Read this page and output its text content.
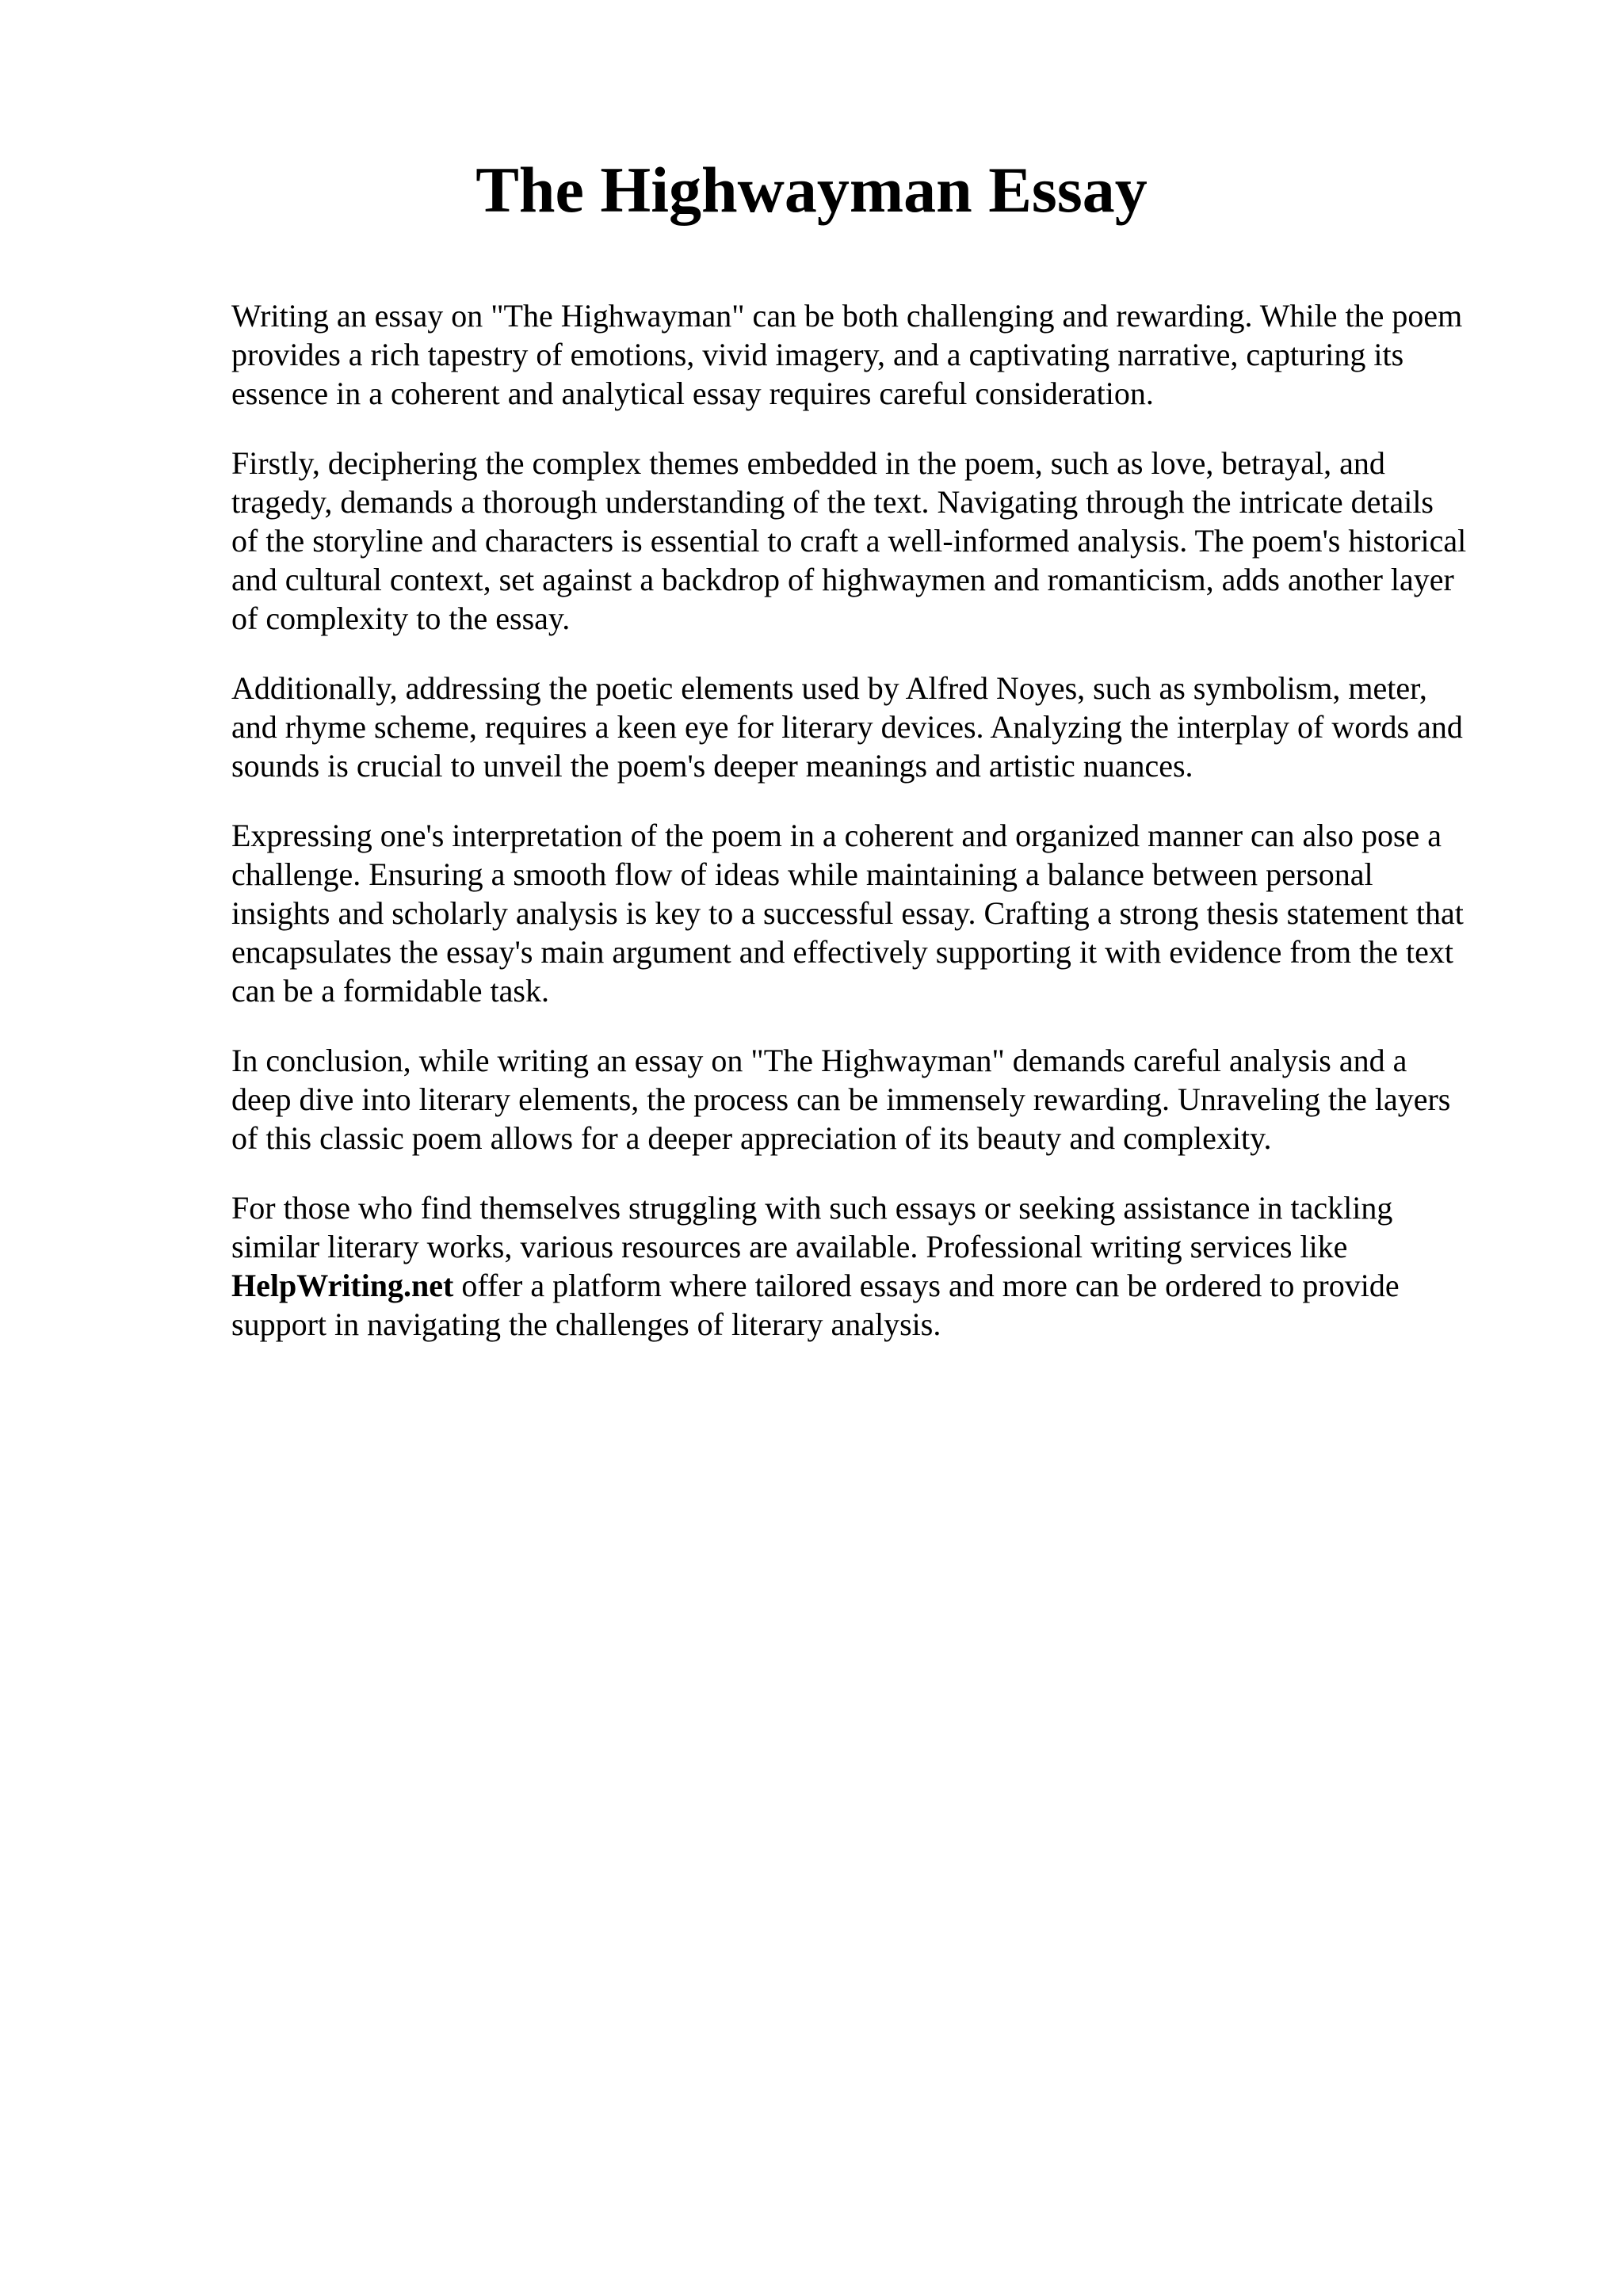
The Highwayman Essay

Writing an essay on "The Highwayman" can be both challenging and rewarding. While the poem
provides a rich tapestry of emotions, vivid imagery, and a captivating narrative, capturing its
essence in a coherent and analytical essay requires careful consideration.

Firstly, deciphering the complex themes embedded in the poem, such as love, betrayal, and
tragedy, demands a thorough understanding of the text. Navigating through the intricate details
of the storyline and characters is essential to craft a well-informed analysis. The poem's historical
and cultural context, set against a backdrop of highwaymen and romanticism, adds another layer
of complexity to the essay.

Additionally, addressing the poetic elements used by Alfred Noyes, such as symbolism, meter,
and rhyme scheme, requires a keen eye for literary devices. Analyzing the interplay of words and
sounds is crucial to unveil the poem's deeper meanings and artistic nuances.

Expressing one's interpretation of the poem in a coherent and organized manner can also pose a
challenge. Ensuring a smooth flow of ideas while maintaining a balance between personal
insights and scholarly analysis is key to a successful essay. Crafting a strong thesis statement that
encapsulates the essay's main argument and effectively supporting it with evidence from the text
can be a formidable task.

In conclusion, while writing an essay on "The Highwayman" demands careful analysis and a
deep dive into literary elements, the process can be immensely rewarding. Unraveling the layers
of this classic poem allows for a deeper appreciation of its beauty and complexity.

For those who find themselves struggling with such essays or seeking assistance in tackling
similar literary works, various resources are available. Professional writing services like
HelpWriting.net offer a platform where tailored essays and more can be ordered to provide
support in navigating the challenges of literary analysis.
